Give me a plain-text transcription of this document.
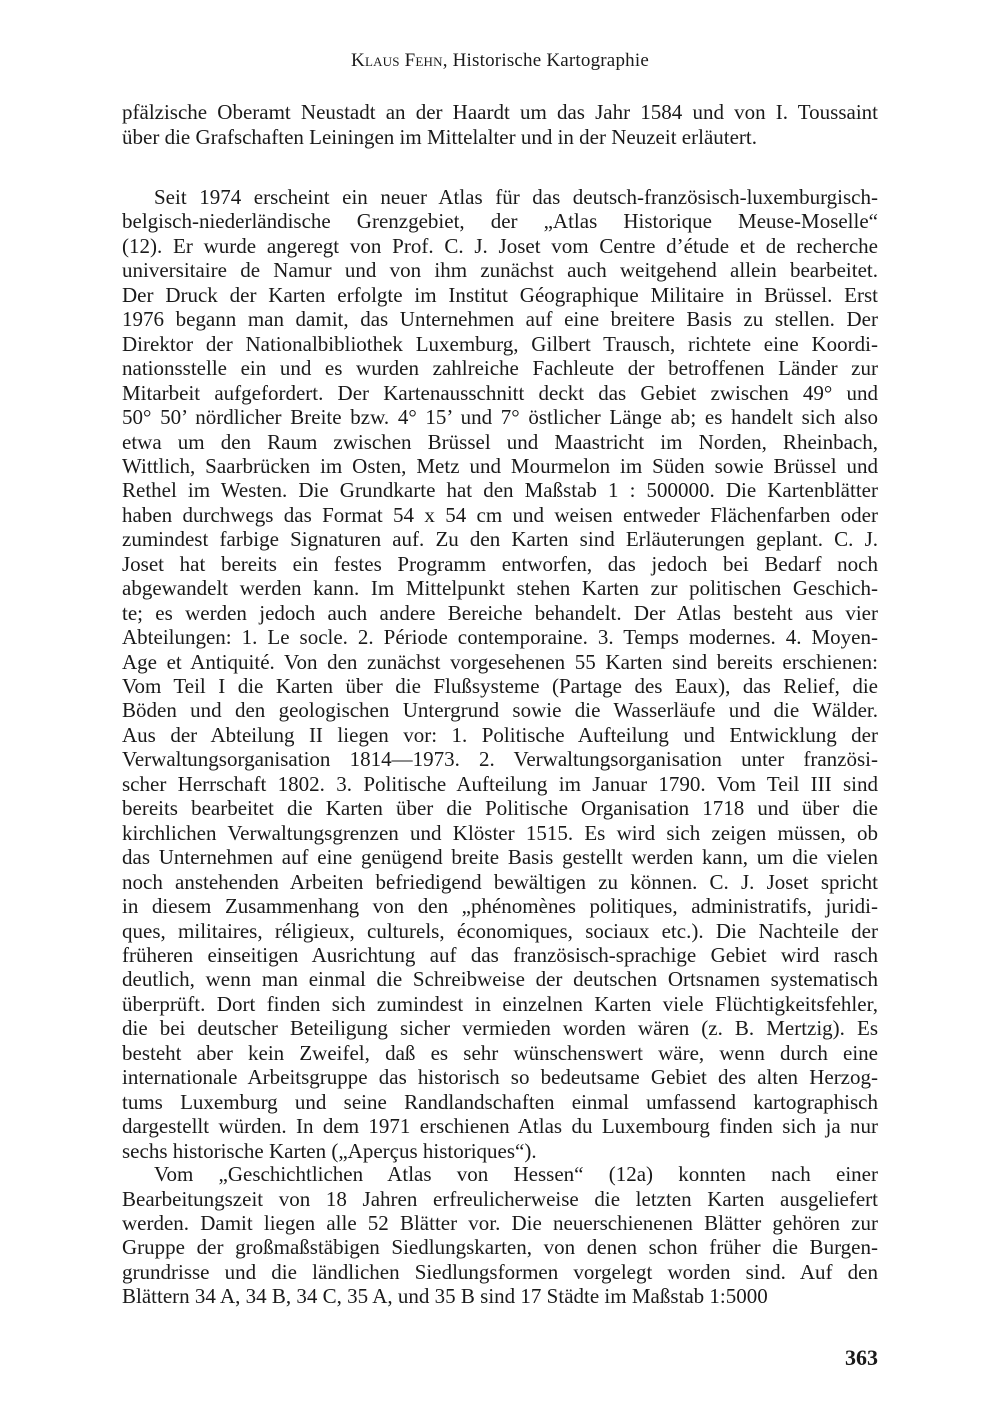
Klaus Fehn, Historische Kartographie
pfälzische Oberamt Neustadt an der Haardt um das Jahr 1584 und von I. Toussaint
über die Grafschaften Leiningen im Mittelalter und in der Neuzeit erläutert.
Seit 1974 erscheint ein neuer Atlas für das deutsch-französisch-luxemburgisch-
belgisch-niederländische Grenzgebiet, der „Atlas Historique Meuse-Moselle“
(12). Er wurde angeregt von Prof. C. J. Joset vom Centre d’étude et de recherche
universitaire de Namur und von ihm zunächst auch weitgehend allein bearbeitet.
Der Druck der Karten erfolgte im Institut Géographique Militaire in Brüssel. Erst
1976 begann man damit, das Unternehmen auf eine breitere Basis zu stellen. Der
Direktor der Nationalbibliothek Luxemburg, Gilbert Trausch, richtete eine Koordi-
nationsstelle ein und es wurden zahlreiche Fachleute der betroffenen Länder zur
Mitarbeit aufgefordert. Der Kartenausschnitt deckt das Gebiet zwischen 49° und
50° 50’ nördlicher Breite bzw. 4° 15’ und 7° östlicher Länge ab; es handelt sich also
etwa um den Raum zwischen Brüssel und Maastricht im Norden, Rheinbach,
Wittlich, Saarbrücken im Osten, Metz und Mourmelon im Süden sowie Brüssel und
Rethel im Westen. Die Grundkarte hat den Maßstab 1 : 500000. Die Kartenblätter
haben durchwegs das Format 54 x 54 cm und weisen entweder Flächenfarben oder
zumindest farbige Signaturen auf. Zu den Karten sind Erläuterungen geplant. C. J.
Joset hat bereits ein festes Programm entworfen, das jedoch bei Bedarf noch
abgewandelt werden kann. Im Mittelpunkt stehen Karten zur politischen Geschich-
te; es werden jedoch auch andere Bereiche behandelt. Der Atlas besteht aus vier
Abteilungen: 1. Le socle. 2. Période contemporaine. 3. Temps modernes. 4. Moyen-
Age et Antiquité. Von den zunächst vorgesehenen 55 Karten sind bereits erschienen:
Vom Teil I die Karten über die Flußsysteme (Partage des Eaux), das Relief, die
Böden und den geologischen Untergrund sowie die Wasserläufe und die Wälder.
Aus der Abteilung II liegen vor: 1. Politische Aufteilung und Entwicklung der
Verwaltungsorganisation 1814—1973. 2. Verwaltungsorganisation unter französi-
scher Herrschaft 1802. 3. Politische Aufteilung im Januar 1790. Vom Teil III sind
bereits bearbeitet die Karten über die Politische Organisation 1718 und über die
kirchlichen Verwaltungsgrenzen und Klöster 1515. Es wird sich zeigen müssen, ob
das Unternehmen auf eine genügend breite Basis gestellt werden kann, um die vielen
noch anstehenden Arbeiten befriedigend bewältigen zu können. C. J. Joset spricht
in diesem Zusammenhang von den „phénomènes politiques, administratifs, juridi-
ques, militaires, réligieux, culturels, économiques, sociaux etc.). Die Nachteile der
früheren einseitigen Ausrichtung auf das französisch-sprachige Gebiet wird rasch
deutlich, wenn man einmal die Schreibweise der deutschen Ortsnamen systematisch
überprüft. Dort finden sich zumindest in einzelnen Karten viele Flüchtigkeitsfehler,
die bei deutscher Beteiligung sicher vermieden worden wären (z. B. Mertzig). Es
besteht aber kein Zweifel, daß es sehr wünschenswert wäre, wenn durch eine
internationale Arbeitsgruppe das historisch so bedeutsame Gebiet des alten Herzog-
tums Luxemburg und seine Randlandschaften einmal umfassend kartographisch
dargestellt würden. In dem 1971 erschienen Atlas du Luxembourg finden sich ja nur
sechs historische Karten („Aperçus historiques“).
Vom „Geschichtlichen Atlas von Hessen“ (12a) konnten nach einer
Bearbeitungszeit von 18 Jahren erfreulicherweise die letzten Karten ausgeliefert
werden. Damit liegen alle 52 Blätter vor. Die neuerschienenen Blätter gehören zur
Gruppe der großmaßstäbigen Siedlungskarten, von denen schon früher die Burgen-
grundrisse und die ländlichen Siedlungsformen vorgelegt worden sind. Auf den
Blättern 34 A, 34 B, 34 C, 35 A, und 35 B sind 17 Städte im Maßstab 1:5000
363
